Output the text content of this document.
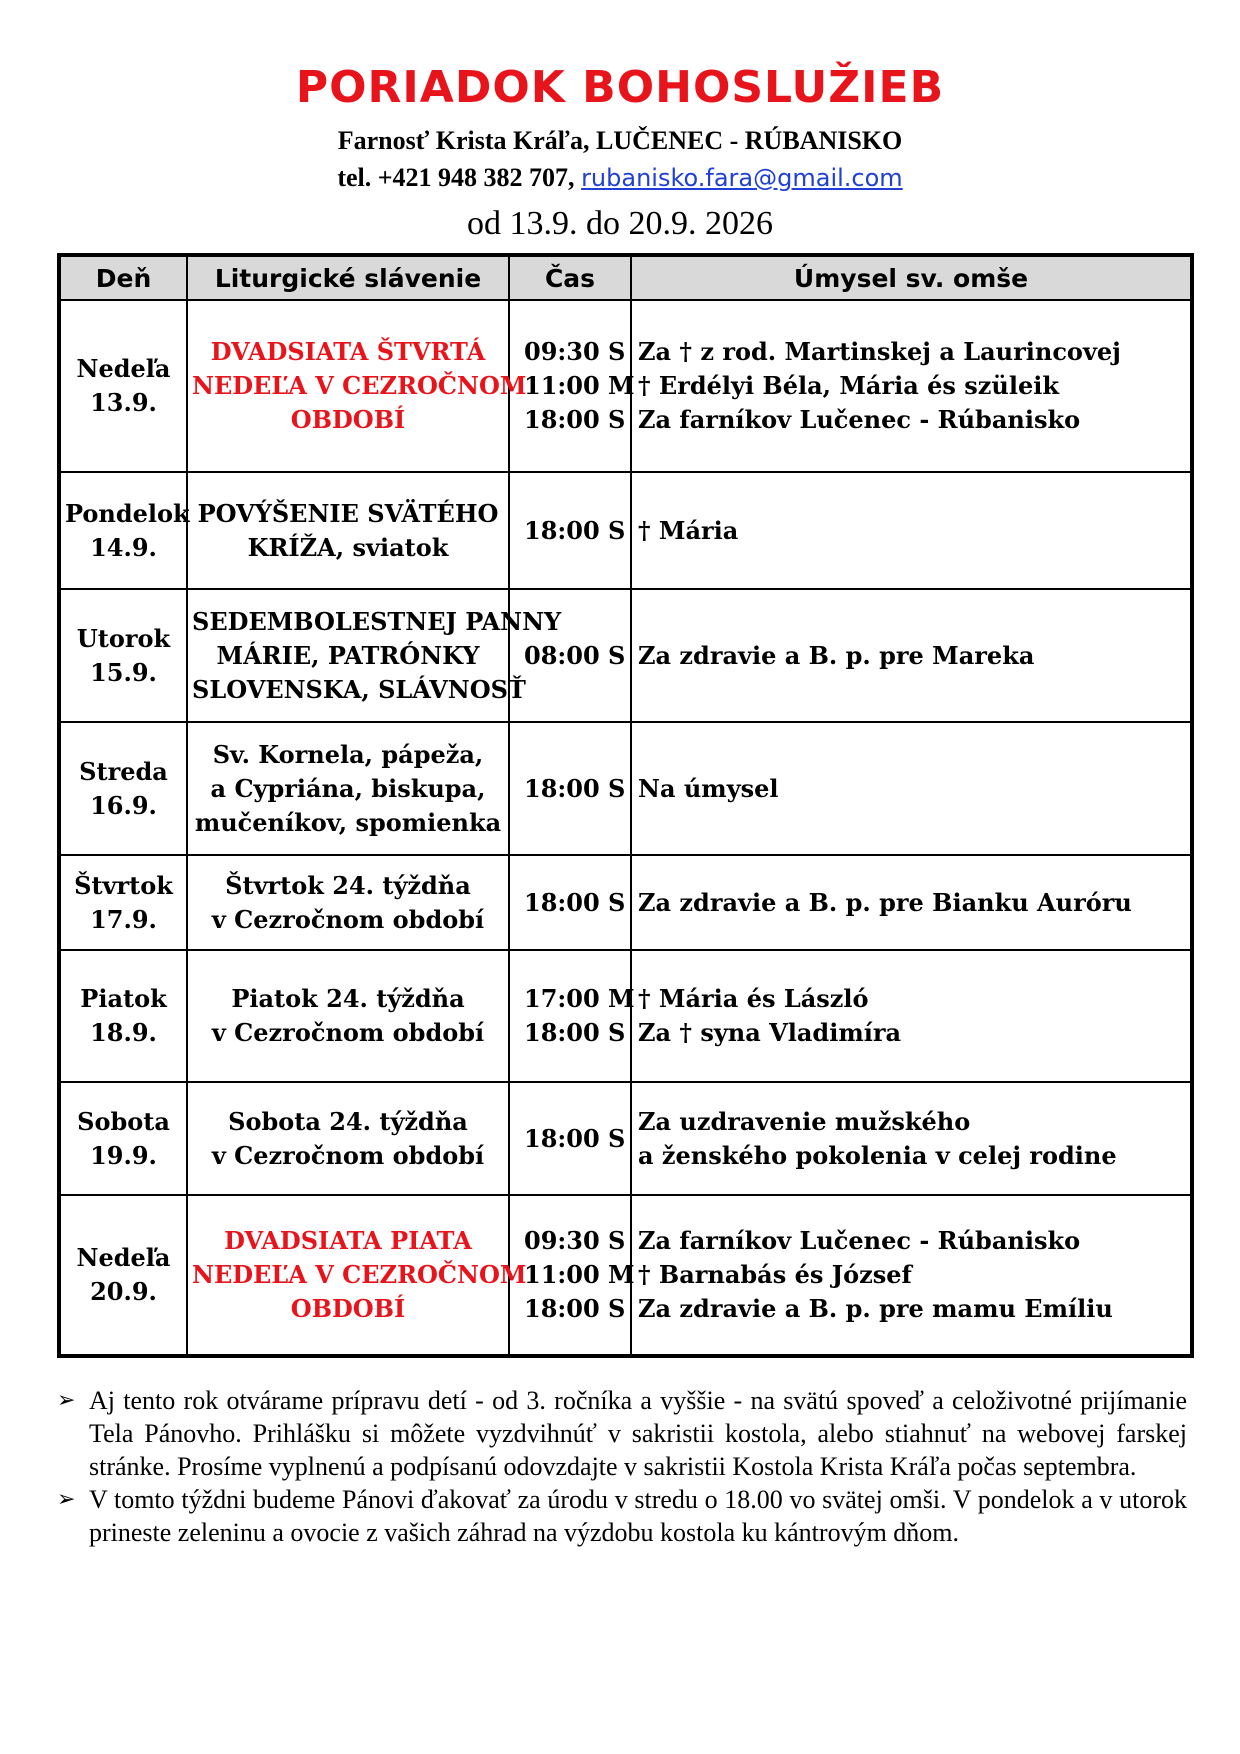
PORIADOK BOHOSLUŽIEB
Farnosť Krista Kráľa, LUČENEC - RÚBANISKO
tel. +421 948 382 707, rubanisko.fara@gmail.com
od 13.9. do 20.9. 2026
Deň	Liturgické slávenie	Čas	Úmysel sv. omše

Nedeľa
13.9.	DVADSIATA ŠTVRTÁ
NEDEĽA V CEZROČNOM
OBDOBÍ	09:30 S
11:00 M
18:00 S	Za † z rod. Martinskej a Laurincovej
† Erdélyi Béla, Mária és szüleik
Za farníkov Lučenec - Rúbanisko

Pondelok
14.9.	POVÝŠENIE SVÄTÉHO
KRÍŽA, sviatok	18:00 S	† Mária

Utorok
15.9.	SEDEMBOLESTNEJ PANNY
MÁRIE, PATRÓNKY
SLOVENSKA, SLÁVNOSŤ	08:00 S	Za zdravie a B. p. pre Mareka

Streda
16.9.	Sv. Kornela, pápeža,
a Cypriána, biskupa,
mučeníkov, spomienka	18:00 S	Na úmysel

Štvrtok
17.9.	Štvrtok 24. týždňa
v Cezročnom období	18:00 S	Za zdravie a B. p. pre Bianku Auróru

Piatok
18.9.	Piatok 24. týždňa
v Cezročnom období	17:00 M
18:00 S	† Mária és László
Za † syna Vladimíra

Sobota
19.9.	Sobota 24. týždňa
v Cezročnom období	18:00 S	Za uzdravenie mužského
a ženského pokolenia v celej rodine

Nedeľa
20.9.	DVADSIATA PIATA
NEDEĽA V CEZROČNOM
OBDOBÍ	09:30 S
11:00 M
18:00 S	Za farníkov Lučenec - Rúbanisko
† Barnabás és József
Za zdravie a B. p. pre mamu Emíliu

➢ Aj tento rok otvárame prípravu detí - od 3. ročníka a vyššie - na svätú spoveď a celoživotné prijímanie Tela Pánovho. Prihlášku si môžete vyzdvihnúť v sakristii kostola, alebo stiahnuť na webovej farskej stránke. Prosíme vyplnenú a podpísanú odovzdajte v sakristii Kostola Krista Kráľa počas septembra.

➢ V tomto týždni budeme Pánovi ďakovať za úrodu v stredu o 18.00 vo svätej omši. V pondelok a v utorok prineste zeleninu a ovocie z vašich záhrad na výzdobu kostola ku kántrovým dňom.
